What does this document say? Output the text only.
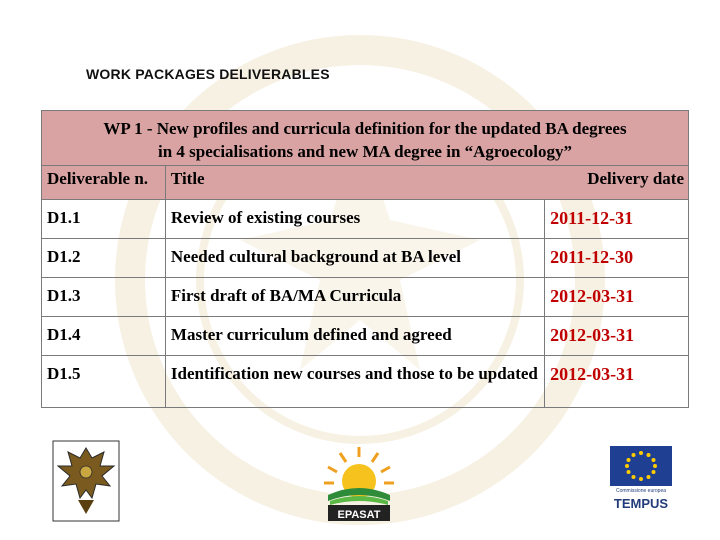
WORK PACKAGES DELIVERABLES
WP 1 - New profiles and curricula definition for the updated BA degrees
in 4 specialisations and new MA degree in “Agroecology”		
Deliverable n.	Title	Delivery date
D1.1	Review of existing courses	2011-12-31
D1.2	Needed cultural background at BA level	2011-12-30
D1.3	First draft of BA/MA Curricula	2012-03-31
D1.4	Master curriculum defined and agreed	2012-03-31
D1.5	Identification new courses and those to be updated	2012-03-31
EPASAT
Commissione europea
TEMPUS
